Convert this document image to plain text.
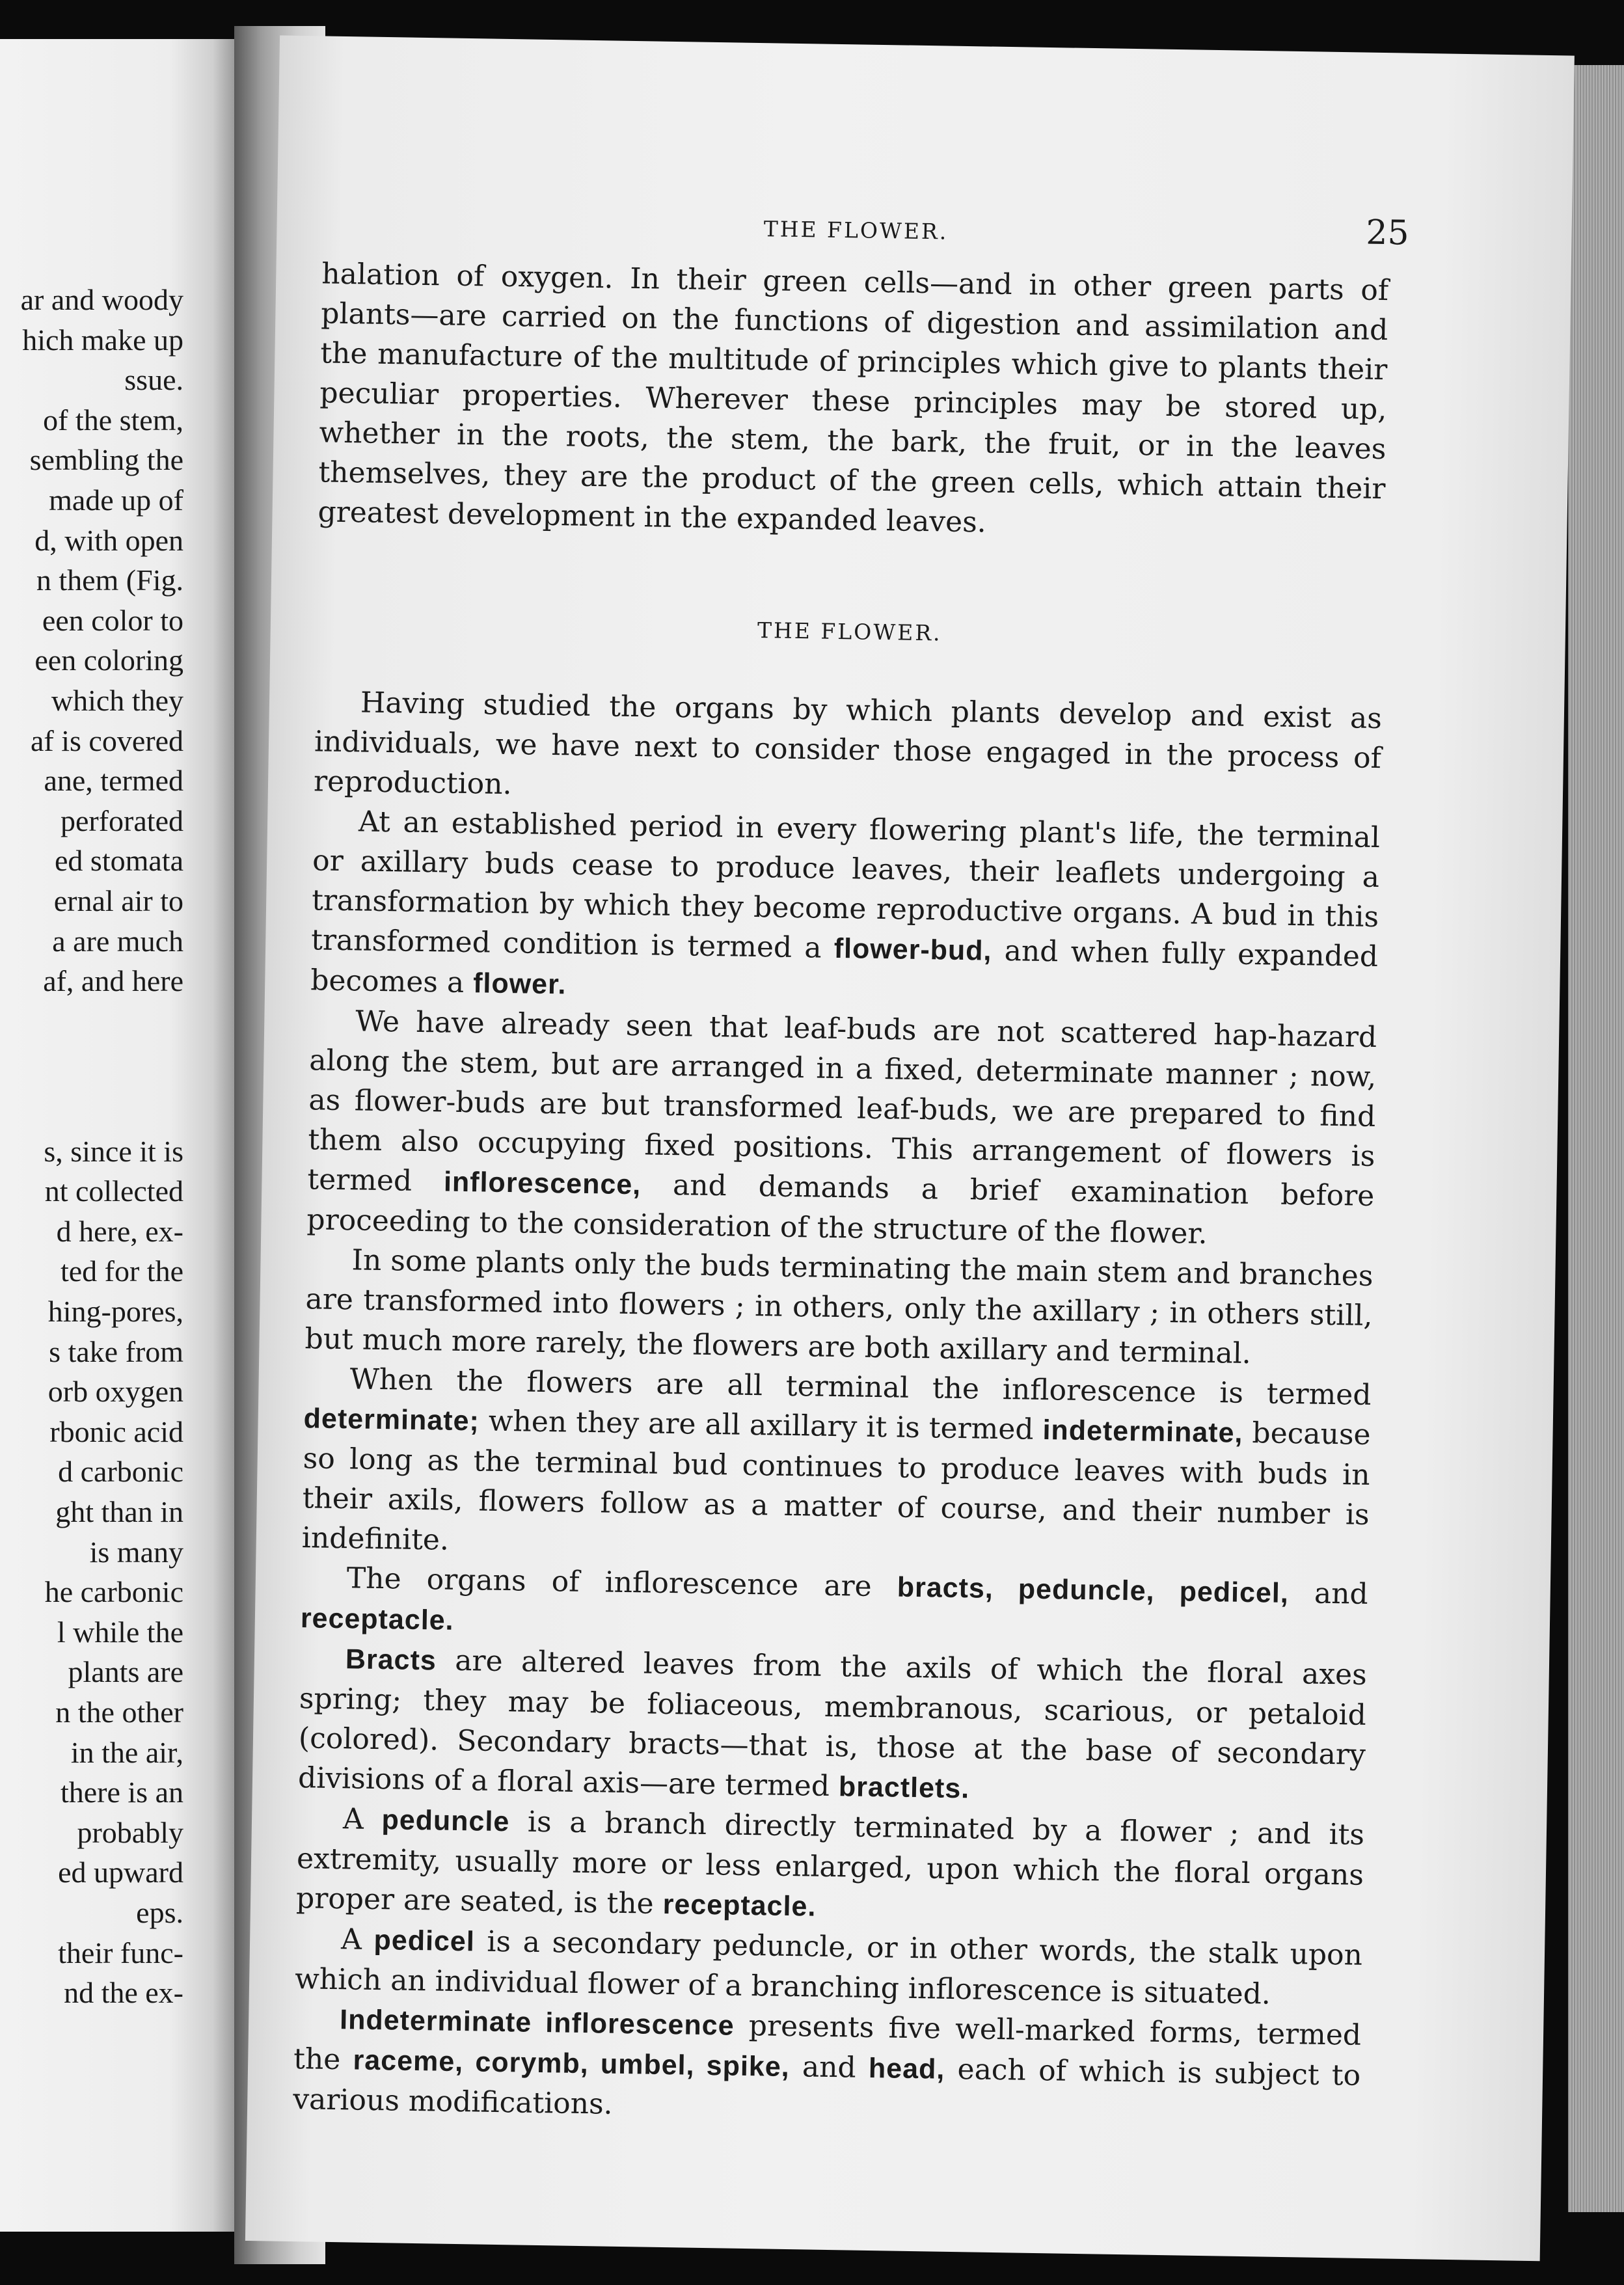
ar and woody
hich make up
ssue.
of the stem,
sembling the
made up of
d, with open
n them (Fig.
een color to
een coloring
which they
af is covered
ane, termed
perforated
ed stomata
ernal air to
a are much
af, and here
s, since it is
nt collected
d here, ex-
ted for the
hing-pores,
s take from
orb oxygen
rbonic acid
d carbonic
ght than in
is many
he carbonic
l while the
plants are
n the other
in the air,
there is an
probably
ed upward
eps.
their func-
nd the ex-
THE FLOWER.	25

halation of oxygen. In their green cells—and in other green parts of plants—are carried on the functions of digestion and assimilation and the manufacture of the multitude of principles which give to plants their peculiar properties. Wherever these principles may be stored up, whether in the roots, the stem, the bark, the fruit, or in the leaves themselves, they are the product of the green cells, which attain their greatest development in the expanded leaves.

THE FLOWER.

Having studied the organs by which plants develop and exist as individuals, we have next to consider those engaged in the process of reproduction.

At an established period in every flowering plant's life, the terminal or axillary buds cease to produce leaves, their leaflets undergoing a transformation by which they become reproductive organs. A bud in this transformed condition is termed a flower-bud, and when fully expanded becomes a flower.

We have already seen that leaf-buds are not scattered hap-hazard along the stem, but are arranged in a fixed, determinate manner ; now, as flower-buds are but transformed leaf-buds, we are prepared to find them also occupying fixed positions. This arrangement of flowers is termed inflorescence, and demands a brief examination before proceeding to the consideration of the structure of the flower.

In some plants only the buds terminating the main stem and branches are transformed into flowers ; in others, only the axillary ; in others still, but much more rarely, the flowers are both axillary and terminal.

When the flowers are all terminal the inflorescence is termed determinate; when they are all axillary it is termed indeterminate, because so long as the terminal bud continues to produce leaves with buds in their axils, flowers follow as a matter of course, and their number is indefinite.

The organs of inflorescence are bracts, peduncle, pedicel, and receptacle.

Bracts are altered leaves from the axils of which the floral axes spring; they may be foliaceous, membranous, scarious, or petaloid (colored). Secondary bracts—that is, those at the base of secondary divisions of a floral axis—are termed bractlets.

A peduncle is a branch directly terminated by a flower ; and its extremity, usually more or less enlarged, upon which the floral organs proper are seated, is the receptacle.

A pedicel is a secondary peduncle, or in other words, the stalk upon which an individual flower of a branching inflorescence is situated.

Indeterminate inflorescence presents five well-marked forms, termed the raceme, corymb, umbel, spike, and head, each of which is subject to various modifications.
